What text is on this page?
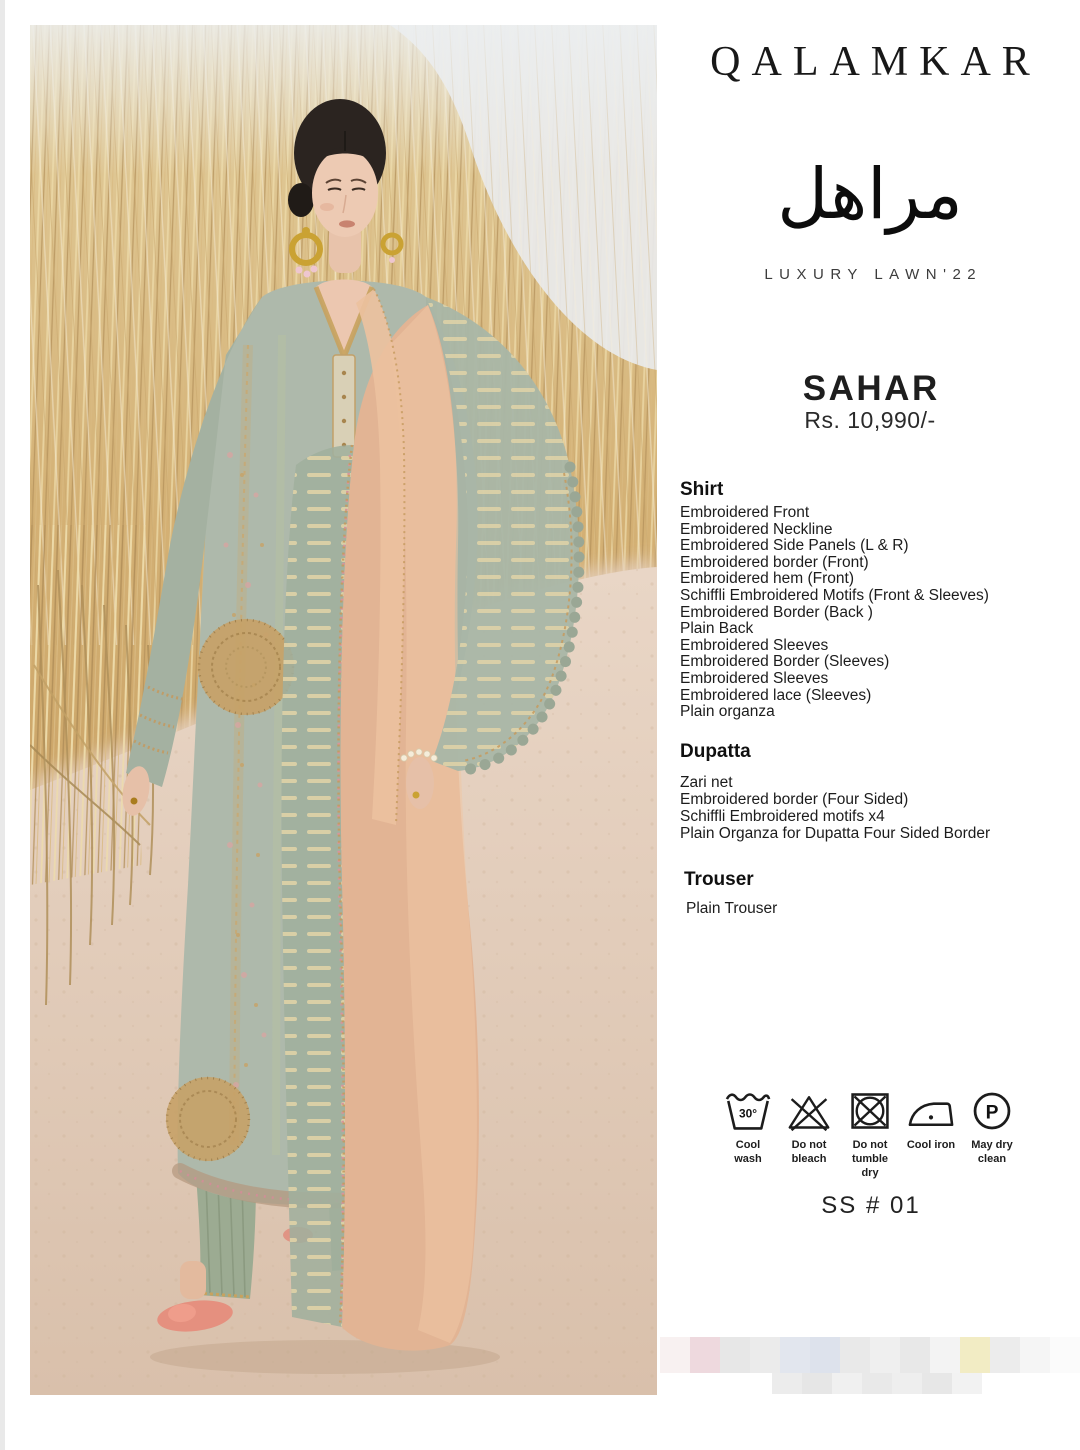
QALAMKAR
مراهل
LUXURY LAWN'22
SAHAR
Rs. 10,990/-
Shirt
Embroidered Front
Embroidered Neckline
Embroidered Side Panels (L & R)
Embroidered border (Front)
Embroidered hem (Front)
Schiffli Embroidered Motifs (Front & Sleeves)
Embroidered Border (Back )
Plain Back
Embroidered Sleeves
Embroidered Border (Sleeves)
Embroidered Sleeves
Embroidered lace (Sleeves)
Plain organza
Dupatta
Zari net
Embroidered border (Four Sided)
Schiffli Embroidered motifs x4
Plain Organza for Dupatta Four Sided Border
Trouser
Plain Trouser
30°
Cool wash
Do not bleach
Do not tumble dry
Cool iron
P
May dry clean
SS # 01
